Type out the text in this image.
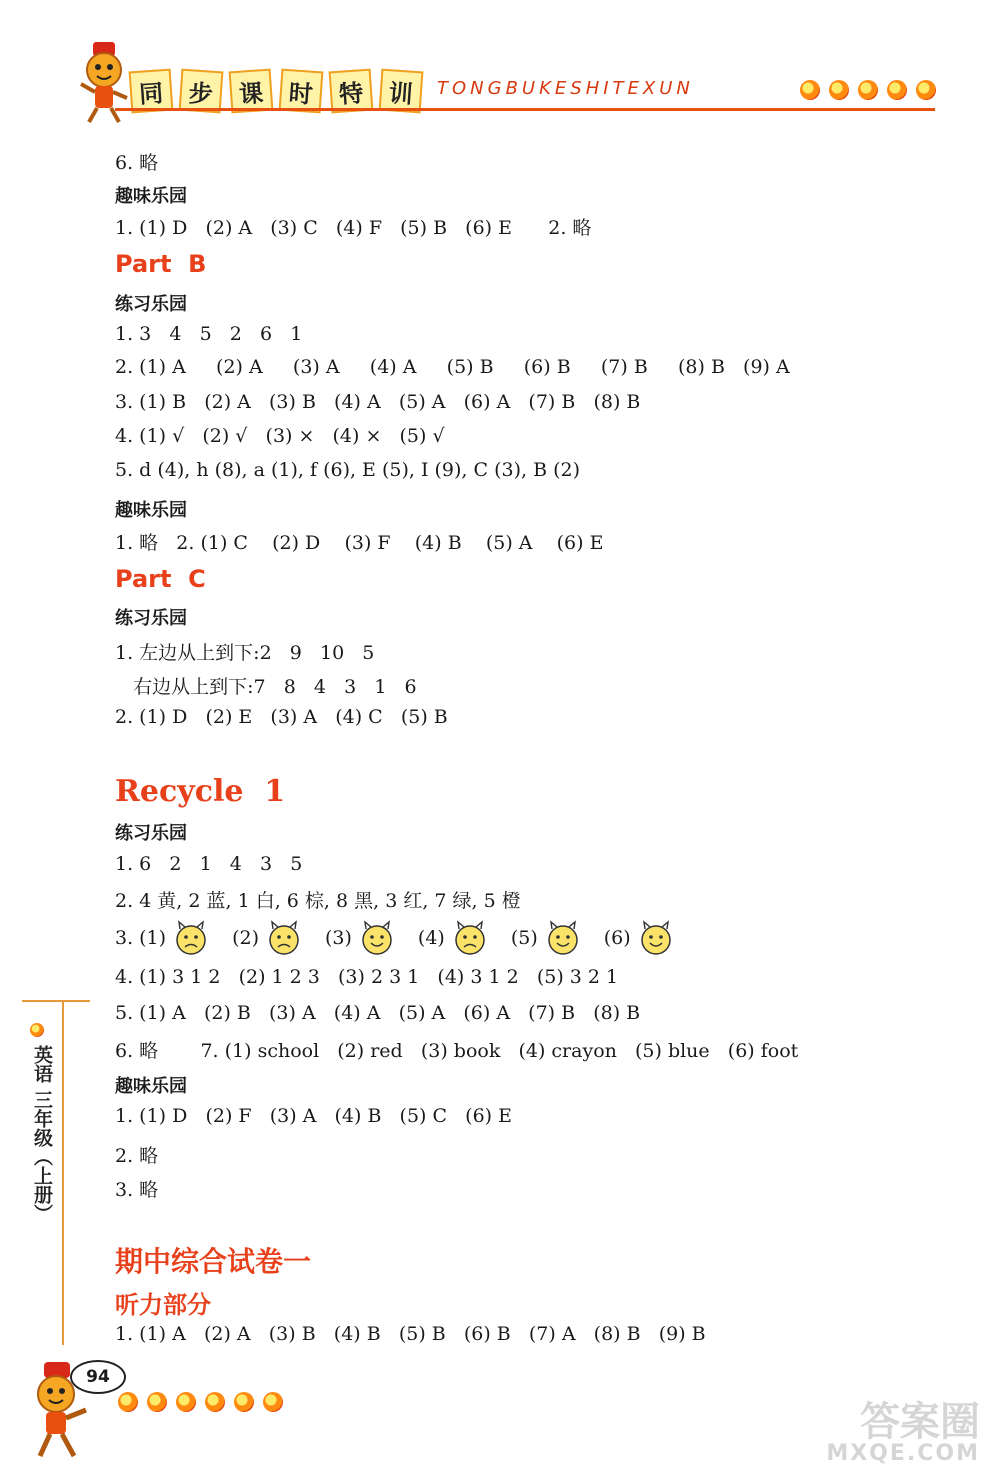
同 步	课 时	特 训	TONGBUKESHITEXUN
英语 三年级（上册）
6. 略
趣味乐园
1. (1) D   (2) A   (3) C   (4) F   (5) B   (6) E      2. 略
Part  B
练习乐园
1. 3   4   5   2   6   1
2. (1) A     (2) A     (3) A     (4) A     (5) B     (6) B     (7) B     (8) B   (9) A
3. (1) B   (2) A   (3) B   (4) A   (5) A   (6) A   (7) B   (8) B
4. (1) √   (2) √   (3) ×   (4) ×   (5) √
5. d (4), h (8), a (1), f (6), E (5), I (9), C (3), B (2)
趣味乐园
1. 略   2. (1) C    (2) D    (3) F    (4) B    (5) A    (6) E
Part  C
练习乐园
1. 左边从上到下:2   9   10   5
右边从上到下:7   8   4   3   1   6
2. (1) D   (2) E   (3) A   (4) C   (5) B
Recycle  1
练习乐园
1. 6   2   1   4   3   5
2. 4 黄, 2 蓝, 1 白, 6 棕, 8 黑, 3 红, 7 绿, 5 橙
3. (1)	(2)	(3)	(4)	(5)	(6)
4. (1) 3 1 2   (2) 1 2 3   (3) 2 3 1   (4) 3 1 2   (5) 3 2 1
5. (1) A   (2) B   (3) A   (4) A   (5) A   (6) A   (7) B   (8) B
6. 略       7. (1) school   (2) red   (3) book   (4) crayon   (5) blue   (6) foot
趣味乐园
1. (1) D   (2) F   (3) A   (4) B   (5) C   (6) E
2. 略
3. 略
期中综合试卷一
听力部分
1. (1) A   (2) A   (3) B   (4) B   (5) B   (6) B   (7) A   (8) B   (9) B
94
答案圈
MXQE.COM
